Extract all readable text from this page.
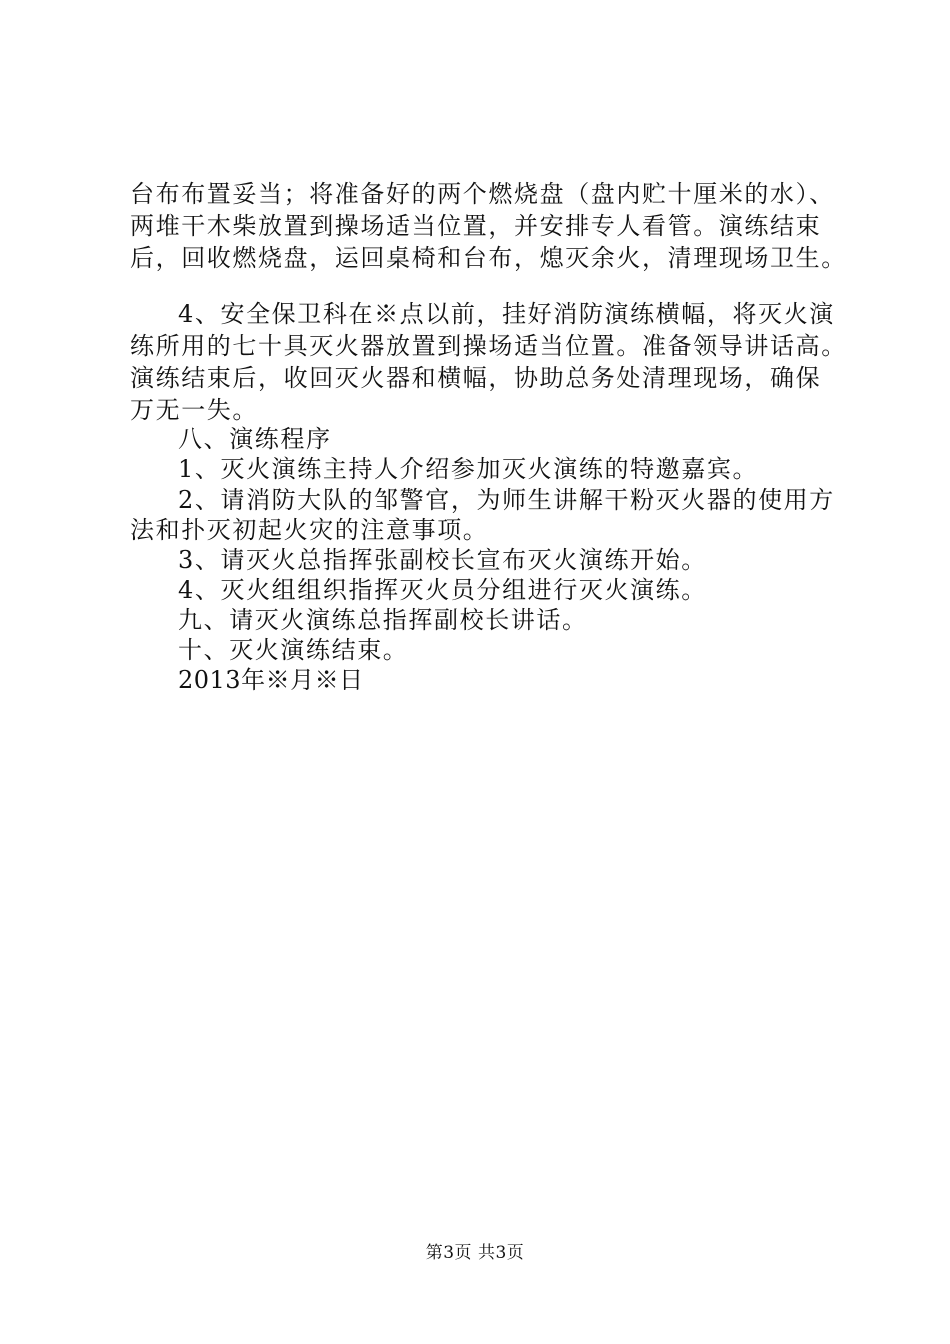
台布布置妥当；将准备好的两个燃烧盘（盘内贮十厘米的水）、
两堆干木柴放置到操场适当位置，并安排专人看管。演练结束
后，回收燃烧盘，运回桌椅和台布，熄灭余火，清理现场卫生。
4、安全保卫科在※点以前，挂好消防演练横幅，将灭火演
练所用的七十具灭火器放置到操场适当位置。准备领导讲话高。
演练结束后，收回灭火器和横幅，协助总务处清理现场，确保
万无一失。
八、演练程序
1、灭火演练主持人介绍参加灭火演练的特邀嘉宾。
2、请消防大队的邹警官，为师生讲解干粉灭火器的使用方
法和扑灭初起火灾的注意事项。
3、请灭火总指挥张副校长宣布灭火演练开始。
4、灭火组组织指挥灭火员分组进行灭火演练。
九、请灭火演练总指挥副校长讲话。
十、灭火演练结束。
2013年※月※日
第3页 共3页
